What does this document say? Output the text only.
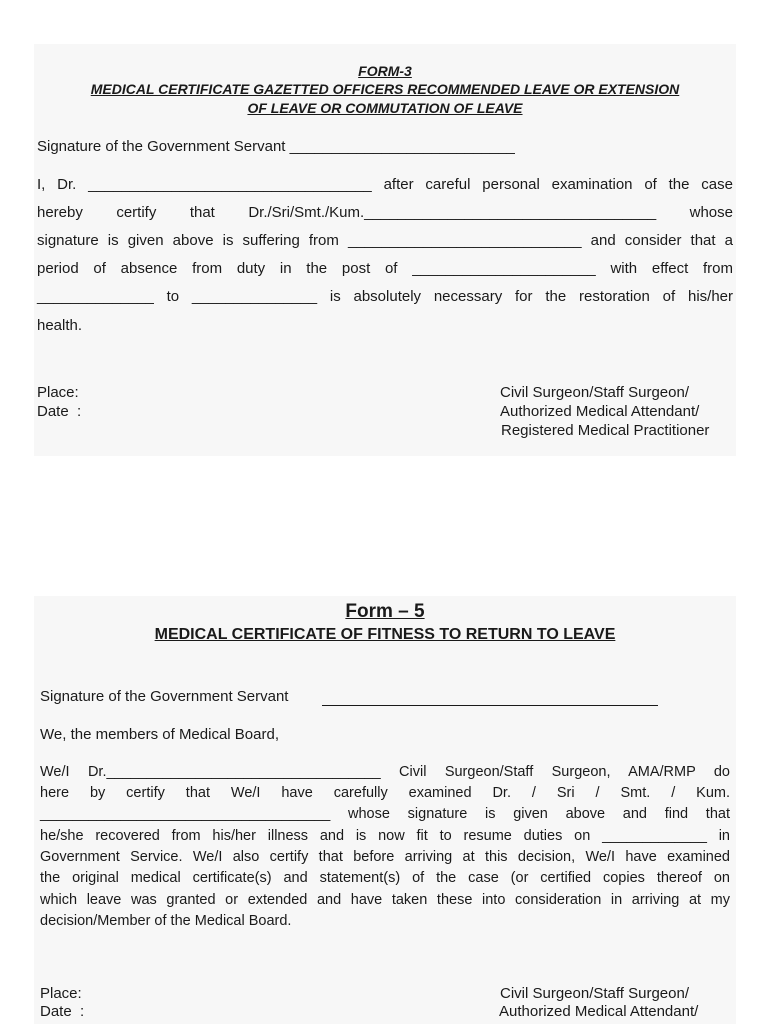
FORM-3
MEDICAL CERTIFICATE GAZETTED OFFICERS RECOMMENDED LEAVE OR EXTENSION
OF LEAVE OR COMMUTATION OF LEAVE
Signature of the Government Servant ___________________________
I, Dr. __________________________________ after careful personal examination of the case
hereby certify that Dr./Sri/Smt./Kum.___________________________________ whose
signature is given above is suffering from ____________________________ and consider that a
period of absence from duty in the post of ______________________ with effect from
______________ to _______________ is absolutely necessary for the restoration of his/her
health.
Place:
Date  :
Civil Surgeon/Staff Surgeon/
Authorized Medical Attendant/
Registered Medical Practitioner
Form – 5
MEDICAL CERTIFICATE OF FITNESS TO RETURN TO LEAVE
Signature of the Government Servant
We, the members of Medical Board,
We/I Dr.__________________________________ Civil Surgeon/Staff Surgeon, AMA/RMP do
here by certify that We/I have carefully examined Dr. / Sri / Smt. / Kum.
____________________________________ whose signature is given above and find that
he/she recovered from his/her illness and is now fit to resume duties on _____________ in
Government Service. We/I also certify that before arriving at this decision, We/I have examined
the original medical certificate(s) and statement(s) of the case (or certified copies thereof on
which leave was granted or extended and have taken these into consideration in arriving at my
decision/Member of the Medical Board.
Place:
Date  :
Civil Surgeon/Staff Surgeon/
Authorized Medical Attendant/
